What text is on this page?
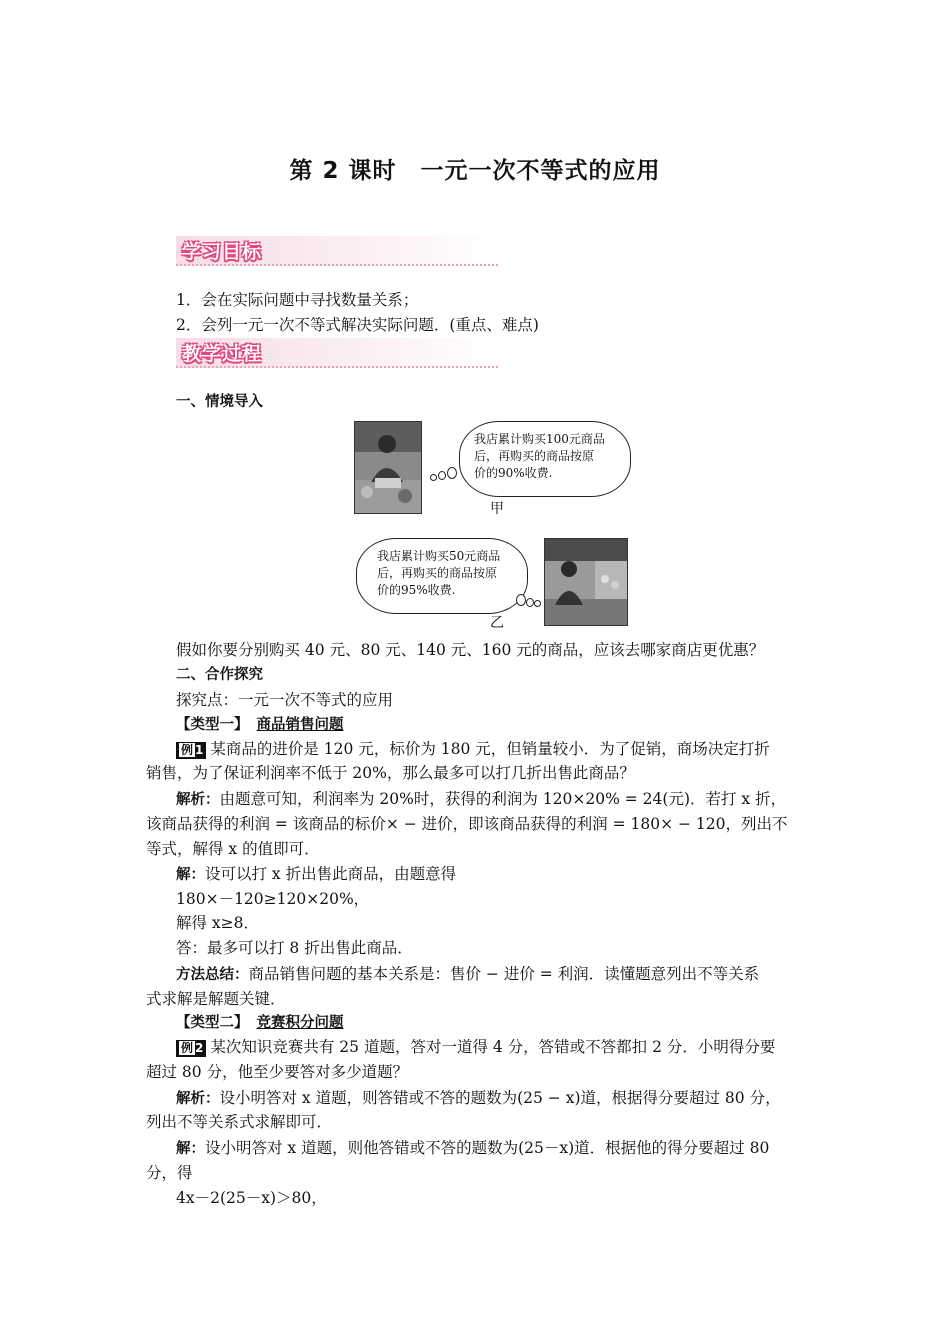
第 2 课时　一元一次不等式的应用
学习目标
1．会在实际问题中寻找数量关系；
2．会列一元一次不等式解决实际问题．(重点、难点)
教学过程
一、情境导入
我店累计购买100元商品
后，再购买的商品按原
价的90%收费.
甲
我店累计购买50元商品
后，再购买的商品按原
价的95%收费.
乙
假如你要分别购买 40 元、80 元、140 元、160 元的商品，应该去哪家商店更优惠？
二、合作探究
探究点：一元一次不等式的应用
【类型一】 商品销售问题
例 1 某商品的进价是 120 元，标价为 180 元，但销量较小．为了促销，商场决定打折
销售，为了保证利润率不低于 20%，那么最多可以打几折出售此商品？
解析：由题意可知，利润率为 20%时，获得的利润为 120×20% = 24(元)．若打 x 折，
该商品获得的利润 = 该商品的标价× − 进价，即该商品获得的利润 = 180× − 120，列出不
等式，解得 x 的值即可．
解：设可以打 x 折出售此商品，由题意得
180×－120≥120×20%，
解得 x≥8．
答：最多可以打 8 折出售此商品．
方法总结：商品销售问题的基本关系是：售价 − 进价 = 利润．读懂题意列出不等关系
式求解是解题关键．
【类型二】 竞赛积分问题
例 2 某次知识竞赛共有 25 道题，答对一道得 4 分，答错或不答都扣 2 分．小明得分要
超过 80 分，他至少要答对多少道题？
解析：设小明答对 x 道题，则答错或不答的题数为(25 − x)道，根据得分要超过 80 分，
列出不等关系式求解即可．
解：设小明答对 x 道题，则他答错或不答的题数为(25－x)道．根据他的得分要超过 80
分，得
4x－2(25－x)＞80，
